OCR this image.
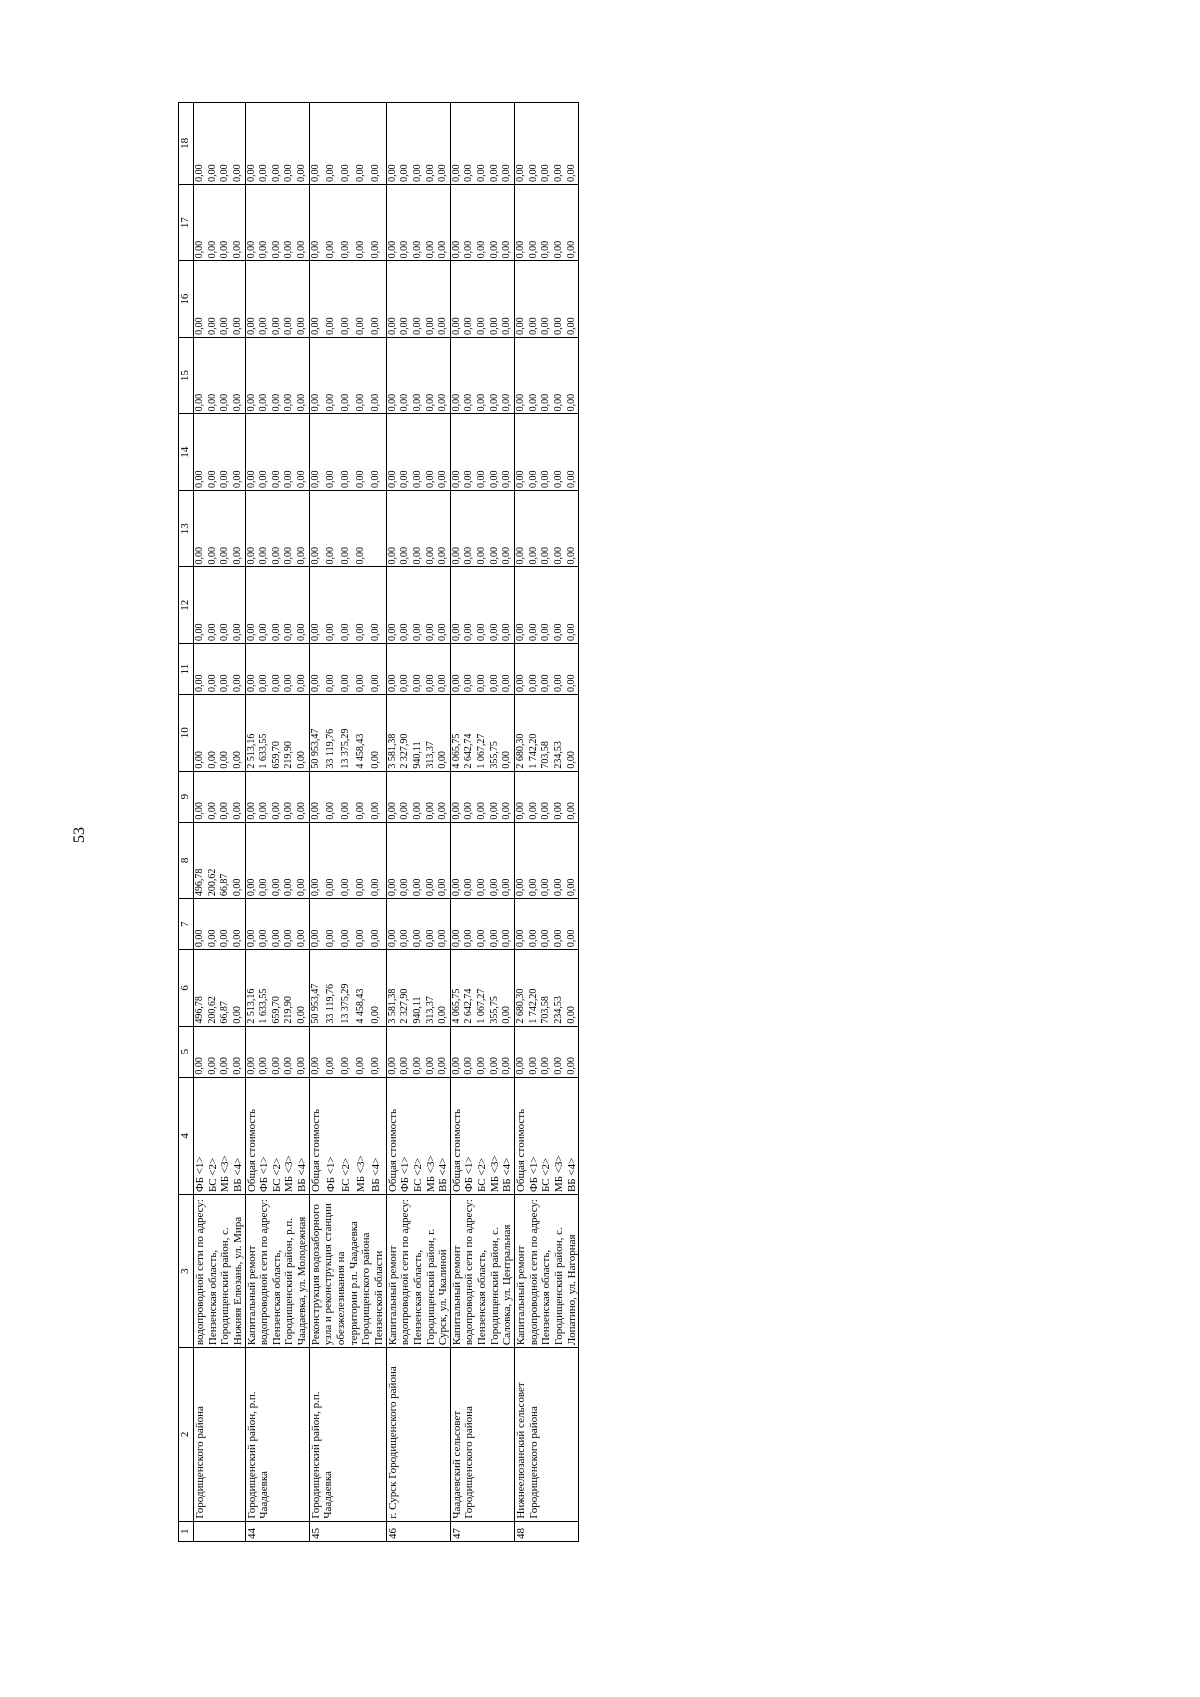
53
1	2	3	4	5	6	7	8	9	10	11	12	13	14	15	16	17	18
	Городищенского района	водопроводной сети по адресу: Пензенская область, Городищенский район, с. Нижняя Елюзань, ул. Мира	ФБ <1>	0,00	496,78	0,00	496,78	0,00	0,00	0,00	0,00	0,00	0,00	0,00	0,00	0,00	0,00
			БС <2>	0,00	200,62	0,00	200,62	0,00	0,00	0,00	0,00	0,00	0,00	0,00	0,00	0,00	0,00
			МБ <3>	0,00	66,87	0,00	66,87	0,00	0,00	0,00	0,00	0,00	0,00	0,00	0,00	0,00	0,00
			ВБ <4>	0,00	0,00	0,00	0,00	0,00	0,00	0,00	0,00	0,00	0,00	0,00	0,00	0,00	0,00
44	Городищенский район, р.п. Чаадаевка	Капитальный ремонт водопроводной сети по адресу: Пензенская область, Городищенский район, р.п. Чаадаевка, ул. Молодежная	Общая стоимость	0,00	2 513,16	0,00	0,00	0,00	2 513,16	0,00	0,00	0,00	0,00	0,00	0,00	0,00	0,00
			ФБ <1>	0,00	1 633,55	0,00	0,00	0,00	1 633,55	0,00	0,00	0,00	0,00	0,00	0,00	0,00	0,00
			БС <2>	0,00	659,70	0,00	0,00	0,00	659,70	0,00	0,00	0,00	0,00	0,00	0,00	0,00	0,00
			МБ <3>	0,00	219,90	0,00	0,00	0,00	219,90	0,00	0,00	0,00	0,00	0,00	0,00	0,00	0,00
			ВБ <4>	0,00	0,00	0,00	0,00	0,00	0,00	0,00	0,00	0,00	0,00	0,00	0,00	0,00	0,00
45	Городищенский район, р.п. Чаадаевка	Реконструкция водозаборного узла и реконструкция станции обезжелезивания на территории р.п. Чаадаевка Городищенского района Пензенской области	Общая стоимость	0,00	50 953,47	0,00	0,00	0,00	50 953,47	0,00	0,00	0,00	0,00	0,00	0,00	0,00	0,00
			ФБ <1>	0,00	33 119,76	0,00	0,00	0,00	33 119,76	0,00	0,00	0,00	0,00	0,00	0,00	0,00	0,00
			БС <2>	0,00	13 375,29	0,00	0,00	0,00	13 375,29	0,00	0,00	0,00	0,00	0,00	0,00	0,00	0,00
			МБ <3>	0,00	4 458,43	0,00	0,00	0,00	4 458,43	0,00	0,00	0,00	0,00	0,00	0,00	0,00	0,00
			ВБ <4>	0,00	0,00	0,00	0,00	0,00	0,00	0,00	0,00		0,00	0,00	0,00	0,00	0,00
46	г. Сурск Городищенского района	Капитальный ремонт водопроводной сети по адресу: Пензенская область, Городищенский район, г. Сурск, ул. Чкалиной	Общая стоимость	0,00	3 581,38	0,00	0,00	0,00	3 581,38	0,00	0,00	0,00	0,00	0,00	0,00	0,00	0,00
			ФБ <1>	0,00	2 327,90	0,00	0,00	0,00	2 327,90	0,00	0,00	0,00	0,00	0,00	0,00	0,00	0,00
			БС <2>	0,00	940,11	0,00	0,00	0,00	940,11	0,00	0,00	0,00	0,00	0,00	0,00	0,00	0,00
			МБ <3>	0,00	313,37	0,00	0,00	0,00	313,37	0,00	0,00	0,00	0,00	0,00	0,00	0,00	0,00
			ВБ <4>	0,00	0,00	0,00	0,00	0,00	0,00	0,00	0,00	0,00	0,00	0,00	0,00	0,00	0,00
47	Чаадаевский сельсовет Городищенского района	Капитальный ремонт водопроводной сети по адресу: Пензенская область, Городищенский район, с. Саловка, ул. Центральная	Общая стоимость	0,00	4 065,75	0,00	0,00	0,00	4 065,75	0,00	0,00	0,00	0,00	0,00	0,00	0,00	0,00
			ФБ <1>	0,00	2 642,74	0,00	0,00	0,00	2 642,74	0,00	0,00	0,00	0,00	0,00	0,00	0,00	0,00
			БС <2>	0,00	1 067,27	0,00	0,00	0,00	1 067,27	0,00	0,00	0,00	0,00	0,00	0,00	0,00	0,00
			МБ <3>	0,00	355,75	0,00	0,00	0,00	355,75	0,00	0,00	0,00	0,00	0,00	0,00	0,00	0,00
			ВБ <4>	0,00	0,00	0,00	0,00	0,00	0,00	0,00	0,00	0,00	0,00	0,00	0,00	0,00	0,00
48	Нижнеелюзанский сельсовет Городищенского района	Капитальный ремонт водопроводной сети по адресу: Пензенская область, Городищенский район, с. Лопатино, ул. Нагорная	Общая стоимость	0,00	2 680,30	0,00	0,00	0,00	2 680,30	0,00	0,00	0,00	0,00	0,00	0,00	0,00	0,00
			ФБ <1>	0,00	1 742,20	0,00	0,00	0,00	1 742,20	0,00	0,00	0,00	0,00	0,00	0,00	0,00	0,00
			БС <2>	0,00	703,58	0,00	0,00	0,00	703,58	0,00	0,00	0,00	0,00	0,00	0,00	0,00	0,00
			МБ <3>	0,00	234,53	0,00	0,00	0,00	234,53	0,00	0,00	0,00	0,00	0,00	0,00	0,00	0,00
			ВБ <4>	0,00	0,00	0,00	0,00	0,00	0,00	0,00	0,00	0,00	0,00	0,00	0,00	0,00	0,00
